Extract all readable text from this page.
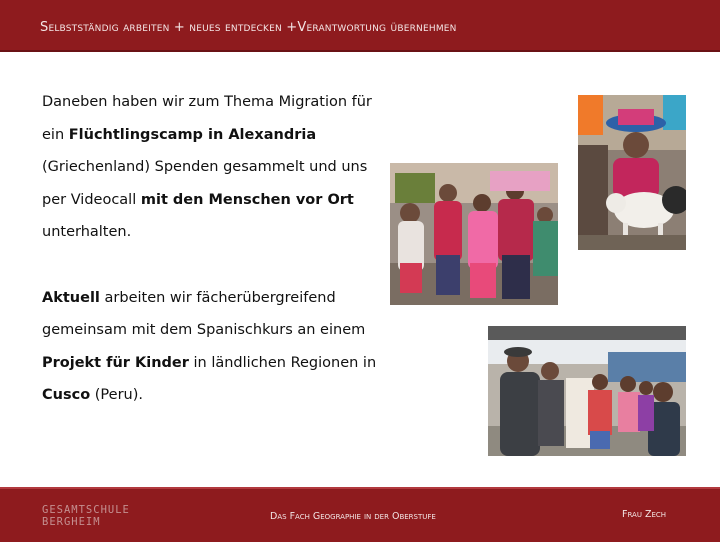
Selbstständig arbeiten + neues entdecken +Verantwortung übernehmen

Daneben haben wir zum Thema Migration für

ein Flüchtlingscamp in Alexandria

(Griechenland) Spenden gesammelt und uns

per Videocall mit den Menschen vor Ort

unterhalten.

Aktuell arbeiten wir fächerübergreifend

gemeinsam mit dem Spanischkurs an einem

Projekt für Kinder in ländlichen Regionen in

Cusco (Peru).

GESAMTSCHULE
BERGHEIM	Das Fach Geographie in der Oberstufe	Frau Zech
